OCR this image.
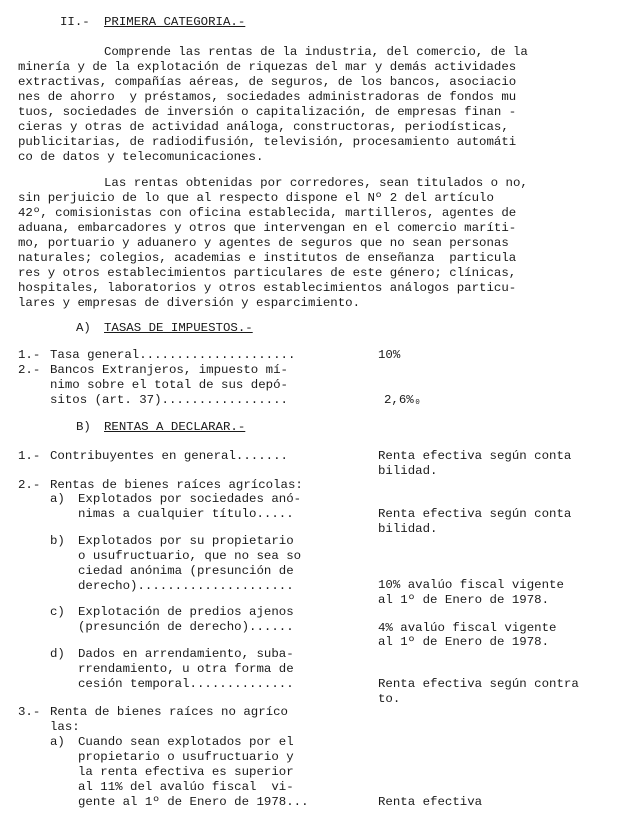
II.- PRIMERA CATEGORIA.-
Comprende las rentas de la industria, del comercio, de la
minería y de la explotación de riquezas del mar y demás actividades
extractivas, compañías aéreas, de seguros, de los bancos, asociacio
nes de ahorro  y préstamos, sociedades administradoras de fondos mu
tuos, sociedades de inversión o capitalización, de empresas finan -
cieras y otras de actividad análoga, constructoras, periodísticas,
publicitarias, de radiodifusión, televisión, procesamiento automáti
co de datos y telecomunicaciones.
Las rentas obtenidas por corredores, sean titulados o no,
sin perjuicio de lo que al respecto dispone el Nº 2 del artículo
42º, comisionistas con oficina establecida, martilleros, agentes de
aduana, embarcadores y otros que intervengan en el comercio maríti-
mo, portuario y aduanero y agentes de seguros que no sean personas
naturales; colegios, academias e institutos de enseñanza  particula
res y otros establecimientos particulares de este género; clínicas,
hospitales, laboratorios y otros establecimientos análogos particu-
lares y empresas de diversión y esparcimiento.
A) TASAS DE IMPUESTOS.-
1.- Tasa general.....................	10%
2.- Bancos Extranjeros, impuesto mí-
nimo sobre el total de sus depó-
sitos (art. 37).................	2,6%₀
B) RENTAS A DECLARAR.-
1.- Contribuyentes en general.......	Renta efectiva según conta
bilidad.
2.- Rentas de bienes raíces agrícolas:
a) Explotados por sociedades anó-
nimas a cualquier título.....	Renta efectiva según conta
bilidad.
b) Explotados por su propietario
o usufructuario, que no sea so
ciedad anónima (presunción de
derecho).....................	10% avalúo fiscal vigente
al 1º de Enero de 1978.
c) Explotación de predios ajenos
(presunción de derecho)......	4% avalúo fiscal vigente
al 1º de Enero de 1978.
d) Dados en arrendamiento, suba-
rrendamiento, u otra forma de
cesión temporal..............	Renta efectiva según contra
to.
3.- Renta de bienes raíces no agríco
las:
a) Cuando sean explotados por el
propietario o usufructuario y
la renta efectiva es superior
al 11% del avalúo fiscal  vi-
gente al 1º de Enero de 1978...	Renta efectiva
